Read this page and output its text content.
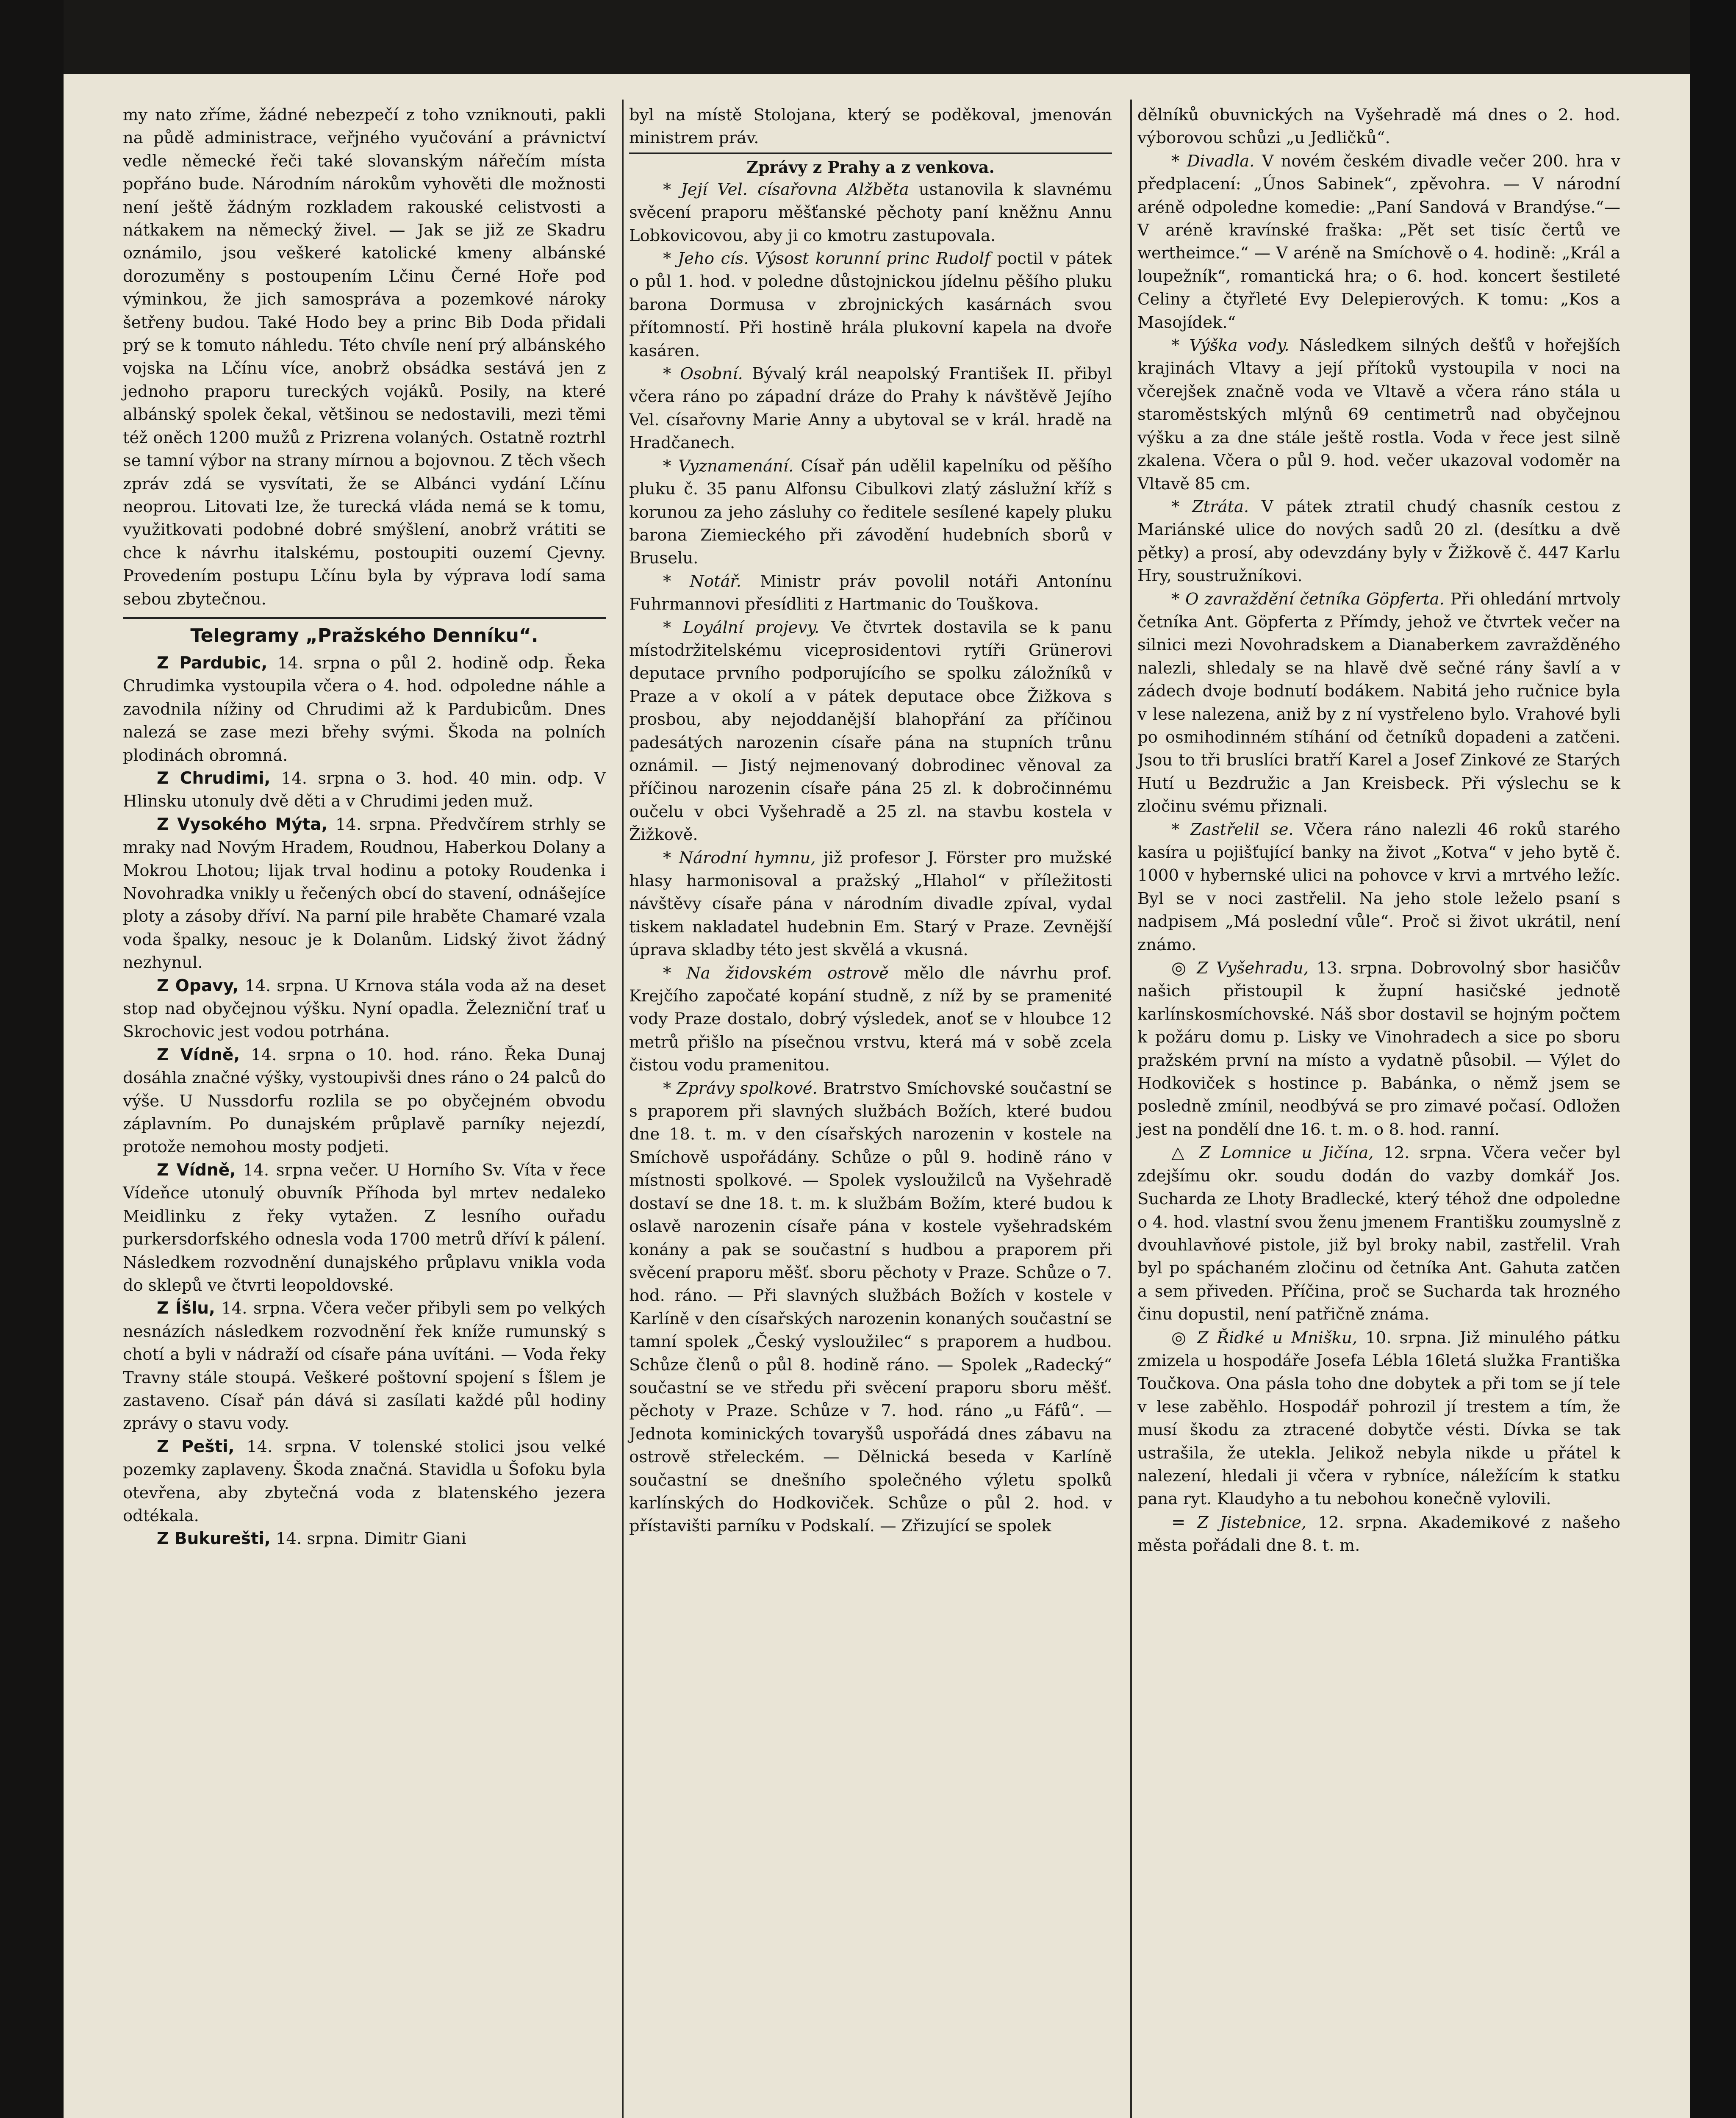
my nato zříme, žádné nebezpečí z toho vzniknouti, pakli na půdě administrace, veřjného vyučování a právnictví vedle německé řeči také slovanským nářečím místa popřáno bude. Národním nárokům vyhověti dle možnosti není ještě žádným rozkladem rakouské celistvosti a nátkakem na německý živel. — Jak se již ze Skadru oznámilo, jsou veškeré katolické kmeny albánské dorozuměny s postoupením Lčinu Černé Hoře pod výminkou, že jich samospráva a pozemkové nároky šetřeny budou. Také Hodo bey a princ Bib Doda přidali prý se k tomuto náhledu. Této chvíle není prý albánského vojska na Lčínu více, anobrž obsádka sestává jen z jednoho praporu tureckých vojáků. Posily, na které albánský spolek čekal, většinou se nedostavili, mezi těmi též oněch 1200 mužů z Prizrena volaných. Ostatně roztrhl se tamní výbor na strany mírnou a bojovnou. Z těch všech zpráv zdá se vysvítati, že se Albánci vydání Lčínu neoprou. Litovati lze, že turecká vláda nemá se k tomu, využitkovati podobné dobré smýšlení, anobrž vrátiti se chce k návrhu italskému, postoupiti ouzemí Cjevny. Provedením postupu Lčínu byla by výprava lodí sama sebou zbytečnou.

Telegramy „Pražského Denníku“.

Z Pardubic, 14. srpna o půl 2. hodině odp. Řeka Chrudimka vystoupila včera o 4. hod. odpoledne náhle a zavodnila nížiny od Chrudimi až k Pardubicům. Dnes nalezá se zase mezi břehy svými. Škoda na polních plodinách obromná.

Z Chrudimi, 14. srpna o 3. hod. 40 min. odp. V Hlinsku utonuly dvě děti a v Chrudimi jeden muž.

Z Vysokého Mýta, 14. srpna. Předvčírem strhly se mraky nad Novým Hradem, Roudnou, Haberkou Dolany a Mokrou Lhotou; lijak trval hodinu a potoky Roudenka i Novohradka vnikly u řečených obcí do stavení, odnášejíce ploty a zásoby dříví. Na parní pile hraběte Chamaré vzala voda špalky, nesouc je k Dolanům. Lidský život žádný nezhynul.

Z Opavy, 14. srpna. U Krnova stála voda až na deset stop nad obyčejnou výšku. Nyní opadla. Železniční trať u Skrochovic jest vodou potrhána.

Z Vídně, 14. srpna o 10. hod. ráno. Řeka Dunaj dosáhla značné výšky, vystoupivši dnes ráno o 24 palců do výše. U Nussdorfu rozlila se po obyčejném obvodu záplavním. Po dunajském průplavě parníky nejezdí, protože nemohou mosty podjeti.

Z Vídně, 14. srpna večer. U Horního Sv. Víta v řece Vídeňce utonulý obuvník Příhoda byl mrtev nedaleko Meidlinku z řeky vytažen. Z lesního ouřadu purkersdorfského odnesla voda 1700 metrů dříví k pálení. Následkem rozvodnění dunajského průplavu vnikla voda do sklepů ve čtvrti leopoldovské.

Z Íšlu, 14. srpna. Včera večer přibyli sem po velkých nesnázích následkem rozvodnění řek kníže rumunský s chotí a byli v nádraží od císaře pána uvítáni. — Voda řeky Travny stále stoupá. Veškeré poštovní spojení s Íšlem je zastaveno. Císař pán dává si zasílati každé půl hodiny zprávy o stavu vody.

Z Pešti, 14. srpna. V tolenské stolici jsou velké pozemky zaplaveny. Škoda značná. Stavidla u Šofoku byla otevřena, aby zbytečná voda z blatenského jezera odtékala.

Z Bukurešti, 14. srpna. Dimitr Giani

byl na místě Stolojana, který se poděkoval, jmenován ministrem práv.

Zprávy z Prahy a z venkova.

* Její Vel. císařovna Alžběta ustanovila k slavnému svěcení praporu měšťanské pěchoty paní kněžnu Annu Lobkovicovou, aby ji co kmotru zastupovala.

* Jeho cís. Výsost korunní princ Rudolf poctil v pátek o půl 1. hod. v poledne důstojnickou jídelnu pěšího pluku barona Dormusa v zbrojnických kasárnách svou přítomností. Při hostině hrála plukovní kapela na dvoře kasáren.

* Osobní. Bývalý král neapolský František II. přibyl včera ráno po západní dráze do Prahy k návštěvě Jejího Vel. císařovny Marie Anny a ubytoval se v král. hradě na Hradčanech.

* Vyznamenání. Císař pán udělil kapelníku od pěšího pluku č. 35 panu Alfonsu Cibulkovi zlatý záslužní kříž s korunou za jeho zásluhy co ředitele sesílené kapely pluku barona Ziemieckého při závodění hudebních sborů v Bruselu.

* Notář. Ministr práv povolil notáři Antonínu Fuhrmannovi přesídliti z Hartmanic do Touškova.

* Loyální projevy. Ve čtvrtek dostavila se k panu místodržitelskému viceprosidentovi rytíři Grünerovi deputace prvního podporujícího se spolku záložníků v Praze a v okolí a v pátek deputace obce Žižkova s prosbou, aby nejoddanější blahopřání za příčinou padesátých narozenin císaře pána na stupních trůnu oznámil. — Jistý nejmenovaný dobrodinec věnoval za příčinou narozenin císaře pána 25 zl. k dobročinnému oučelu v obci Vyšehradě a 25 zl. na stavbu kostela v Žižkově.

* Národní hymnu, již profesor J. Förster pro mužské hlasy harmonisoval a pražský „Hlahol“ v příležitosti návštěvy císaře pána v národním divadle zpíval, vydal tiskem nakladatel hudebnin Em. Starý v Praze. Zevnější úprava skladby této jest skvělá a vkusná.

* Na židovském ostrově mělo dle návrhu prof. Krejčího započaté kopání studně, z níž by se pramenité vody Praze dostalo, dobrý výsledek, anoť se v hloubce 12 metrů přišlo na písečnou vrstvu, která má v sobě zcela čistou vodu pramenitou.

* Zprávy spolkové. Bratrstvo Smíchovské součastní se s praporem při slavných službách Božích, které budou dne 18. t. m. v den císařských narozenin v kostele na Smíchově uspořádány. Schůze o půl 9. hodině ráno v místnosti spolkové. — Spolek vysloužilců na Vyšehradě dostaví se dne 18. t. m. k službám Božím, které budou k oslavě narozenin císaře pána v kostele vyšehradském konány a pak se součastní s hudbou a praporem při svěcení praporu měšť. sboru pěchoty v Praze. Schůze o 7. hod. ráno. — Při slavných službách Božích v kostele v Karlíně v den císařských narozenin konaných součastní se tamní spolek „Český vysloužilec“ s praporem a hudbou. Schůze členů o půl 8. hodině ráno. — Spolek „Radecký“ součastní se ve středu při svěcení praporu sboru měšť. pěchoty v Praze. Schůze v 7. hod. ráno „u Fáfů“. — Jednota kominických tovaryšů uspořádá dnes zábavu na ostrově střeleckém. — Dělnická beseda v Karlíně součastní se dnešního společného výletu spolků karlínských do Hodkoviček. Schůze o půl 2. hod. v přístavišti parníku v Podskalí. — Zřizující se spolek

dělníků obuvnických na Vyšehradě má dnes o 2. hod. výborovou schůzi „u Jedličků“.

* Divadla. V novém českém divadle večer 200. hra v předplacení: „Únos Sabinek“, zpěvohra. — V národní aréně odpoledne komedie: „Paní Sandová v Brandýse.“—V aréně kravínské fraška: „Pět set tisíc čertů ve wertheimce.“ — V aréně na Smíchově o 4. hodině: „Král a loupežník“, romantická hra; o 6. hod. koncert šestileté Celiny a čtyřleté Evy Delepierových. K tomu: „Kos a Masojídek.“

* Výška vody. Následkem silných dešťů v hořejších krajinách Vltavy a její přítoků vystoupila v noci na včerejšek značně voda ve Vltavě a včera ráno stála u staroměstských mlýnů 69 centimetrů nad obyčejnou výšku a za dne stále ještě rostla. Voda v řece jest silně zkalena. Včera o půl 9. hod. večer ukazoval vodoměr na Vltavě 85 cm.

* Ztráta. V pátek ztratil chudý chasník cestou z Mariánské ulice do nových sadů 20 zl. (desítku a dvě pětky) a prosí, aby odevzdány byly v Žižkově č. 447 Karlu Hry, soustružníkovi.

* O zavraždění četníka Göpferta. Při ohledání mrtvoly četníka Ant. Göpferta z Přímdy, jehož ve čtvrtek večer na silnici mezi Novohradskem a Dianaberkem zavražděného nalezli, shledaly se na hlavě dvě sečné rány šavlí a v zádech dvoje bodnutí bodákem. Nabitá jeho ručnice byla v lese nalezena, aniž by z ní vystřeleno bylo. Vrahové byli po osmihodinném stíhání od četníků dopadeni a zatčeni. Jsou to tři bruslíci bratří Karel a Josef Zinkové ze Starých Hutí u Bezdružic a Jan Kreisbeck. Při výslechu se k zločinu svému přiznali.

* Zastřelil se. Včera ráno nalezli 46 roků starého kasíra u pojišťující banky na život „Kotva“ v jeho bytě č. 1000 v hybernské ulici na pohovce v krvi a mrtvého ležíc. Byl se v noci zastřelil. Na jeho stole leželo psaní s nadpisem „Má poslední vůle“. Proč si život ukrátil, není známo.

◎ Z Vyšehradu, 13. srpna. Dobrovolný sbor hasičův našich přistoupil k župní hasičské jednotě karlínskosmíchovské. Náš sbor dostavil se hojným počtem k požáru domu p. Lisky ve Vinohradech a sice po sboru pražském první na místo a vydatně působil. — Výlet do Hodkoviček s hostince p. Babánka, o němž jsem se posledně zmínil, neodbývá se pro zimavé počasí. Odložen jest na pondělí dne 16. t. m. o 8. hod. ranní.

△ Z Lomnice u Jičína, 12. srpna. Včera večer byl zdejšímu okr. soudu dodán do vazby domkář Jos. Sucharda ze Lhoty Bradlecké, který téhož dne odpoledne o 4. hod. vlastní svou ženu jmenem Františku zoumyslně z dvouhlavňové pistole, již byl broky nabil, zastřelil. Vrah byl po spáchaném zločinu od četníka Ant. Gahuta zatčen a sem přiveden. Příčina, proč se Sucharda tak hrozného činu dopustil, není patřičně známa.

◎ Z Řidké u Mnišku, 10. srpna. Již minulého pátku zmizela u hospodáře Josefa Lébla 16letá služka Františka Toučkova. Ona pásla toho dne dobytek a při tom se jí tele v lese zaběhlo. Hospodář pohrozil jí trestem a tím, že musí škodu za ztracené dobytče vésti. Dívka se tak ustrašila, že utekla. Jelikož nebyla nikde u přátel k nalezení, hledali ji včera v rybníce, náležícím k statku pana ryt. Klaudyho a tu nebohou konečně vylovili.

= Z Jistebnice, 12. srpna. Akademikové z našeho města pořádali dne 8. t. m.
